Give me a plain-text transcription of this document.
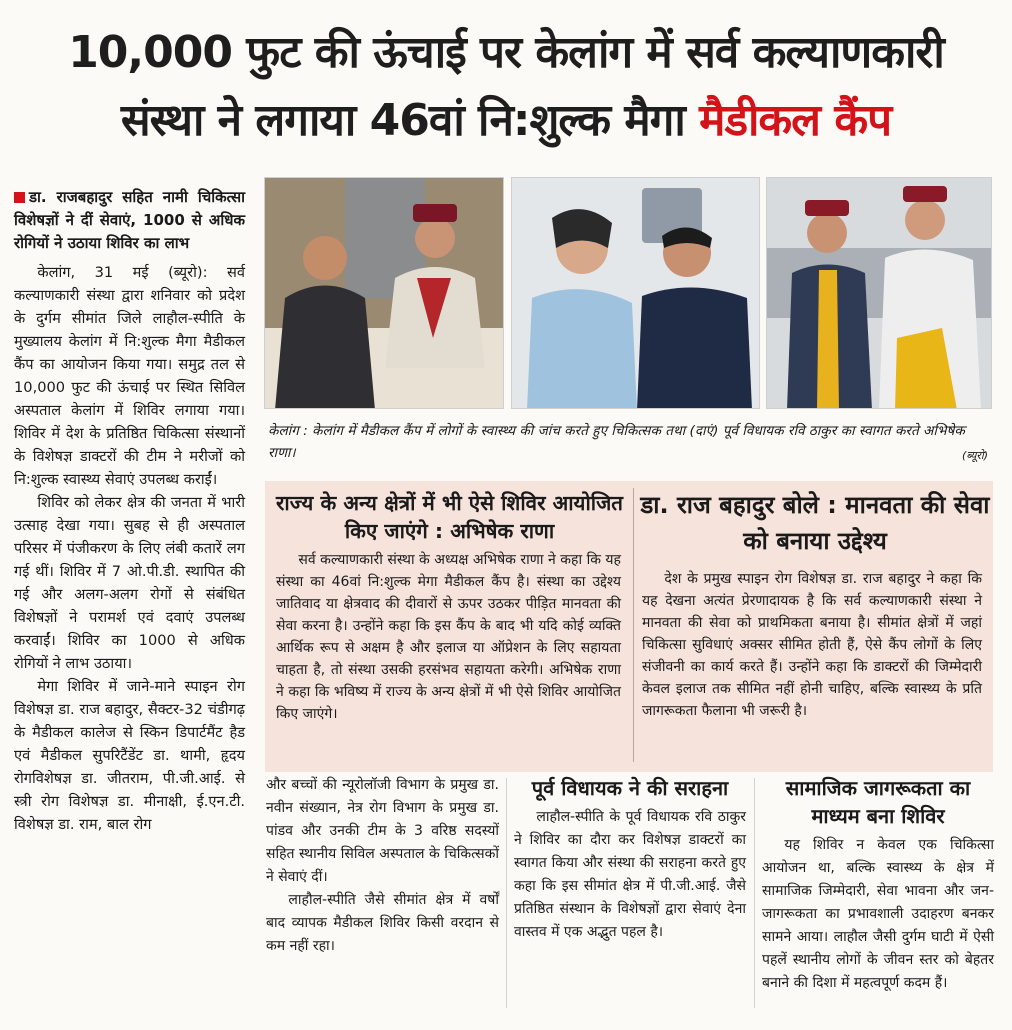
10,000 फुट की ऊंचाई पर केलांग में सर्व कल्याणकारी
संस्था ने लगाया 46वां नि:शुल्क मैगा मैडीकल कैंप

डा. राजबहादुर सहित नामी चिकित्सा विशेषज्ञों ने दीं सेवाएं, 1000 से अधिक रोगियों ने उठाया शिविर का लाभ

केलांग, 31 मई (ब्यूरो): सर्व कल्याणकारी संस्था द्वारा शनिवार को प्रदेश के दुर्गम सीमांत जिले लाहौल-स्पीति के मुख्यालय केलांग में नि:शुल्क मैगा मैडीकल कैंप का आयोजन किया गया। समुद्र तल से 10,000 फुट की ऊंचाई पर स्थित सिविल अस्पताल केलांग में शिविर लगाया गया। शिविर में देश के प्रतिष्ठित चिकित्सा संस्थानों के विशेषज्ञ डाक्टरों की टीम ने मरीजों को नि:शुल्क स्वास्थ्य सेवाएं उपलब्ध कराईं।

शिविर को लेकर क्षेत्र की जनता में भारी उत्साह देखा गया। सुबह से ही अस्पताल परिसर में पंजीकरण के लिए लंबी कतारें लग गई थीं। शिविर में 7 ओ.पी.डी. स्थापित की गई और अलग-अलग रोगों से संबंधित विशेषज्ञों ने परामर्श एवं दवाएं उपलब्ध करवाईं। शिविर का 1000 से अधिक रोगियों ने लाभ उठाया।

मेगा शिविर में जाने-माने स्पाइन रोग विशेषज्ञ डा. राज बहादुर, सैक्टर-32 चंडीगढ़ के मैडीकल कालेज से स्किन डिपार्टमैंट हैड एवं मैडीकल सुपरिटैंडेंट डा. थामी, हृदय रोगविशेषज्ञ डा. जीतराम, पी.जी.आई. से स्त्री रोग विशेषज्ञ डा. मीनाक्षी, ई.एन.टी. विशेषज्ञ डा. राम, बाल रोग

केलांग : केलांग में मैडीकल कैंप में लोगों के स्वास्थ्य की जांच करते हुए चिकित्सक तथा (दाएं) पूर्व विधायक रवि ठाकुर का स्वागत करते अभिषेक राणा।	(ब्यूरो)
राज्य के अन्य क्षेत्रों में भी ऐसे शिविर आयोजित किए जाएंगे : अभिषेक राणा

सर्व कल्याणकारी संस्था के अध्यक्ष अभिषेक राणा ने कहा कि यह संस्था का 46वां नि:शुल्क मेगा मैडीकल कैंप है। संस्था का उद्देश्य जातिवाद या क्षेत्रवाद की दीवारों से ऊपर उठकर पीड़ित मानवता की सेवा करना है। उन्होंने कहा कि इस कैंप के बाद भी यदि कोई व्यक्ति आर्थिक रूप से अक्षम है और इलाज या ऑप्रेशन के लिए सहायता चाहता है, तो संस्था उसकी हरसंभव सहायता करेगी। अभिषेक राणा ने कहा कि भविष्य में राज्य के अन्य क्षेत्रों में भी ऐसे शिविर आयोजित किए जाएंगे।

डा. राज बहादुर बोले : मानवता की सेवा को बनाया उद्देश्य

देश के प्रमुख स्पाइन रोग विशेषज्ञ डा. राज बहादुर ने कहा कि यह देखना अत्यंत प्रेरणादायक है कि सर्व कल्याणकारी संस्था ने मानवता की सेवा को प्राथमिकता बनाया है। सीमांत क्षेत्रों में जहां चिकित्सा सुविधाएं अक्सर सीमित होती हैं, ऐसे कैंप लोगों के लिए संजीवनी का कार्य करते हैं। उन्होंने कहा कि डाक्टरों की जिम्मेदारी केवल इलाज तक सीमित नहीं होनी चाहिए, बल्कि स्वास्थ्य के प्रति जागरूकता फैलाना भी जरूरी है।

और बच्चों की न्यूरोलॉजी विभाग के प्रमुख डा. नवीन संख्यान, नेत्र रोग विभाग के प्रमुख डा. पांडव और उनकी टीम के 3 वरिष्ठ सदस्यों सहित स्थानीय सिविल अस्पताल के चिकित्सकों ने सेवाएं दीं।

लाहौल-स्पीति जैसे सीमांत क्षेत्र में वर्षों बाद व्यापक मैडीकल शिविर किसी वरदान से कम नहीं रहा।

पूर्व विधायक ने की सराहना

लाहौल-स्पीति के पूर्व विधायक रवि ठाकुर ने शिविर का दौरा कर विशेषज्ञ डाक्टरों का स्वागत किया और संस्था की सराहना करते हुए कहा कि इस सीमांत क्षेत्र में पी.जी.आई. जैसे प्रतिष्ठित संस्थान के विशेषज्ञों द्वारा सेवाएं देना वास्तव में एक अद्भुत पहल है।

सामाजिक जागरूकता का माध्यम बना शिविर

यह शिविर न केवल एक चिकित्सा आयोजन था, बल्कि स्वास्थ्य के क्षेत्र में सामाजिक जिम्मेदारी, सेवा भावना और जन-जागरूकता का प्रभावशाली उदाहरण बनकर सामने आया। लाहौल जैसी दुर्गम घाटी में ऐसी पहलें स्थानीय लोगों के जीवन स्तर को बेहतर बनाने की दिशा में महत्वपूर्ण कदम हैं।
